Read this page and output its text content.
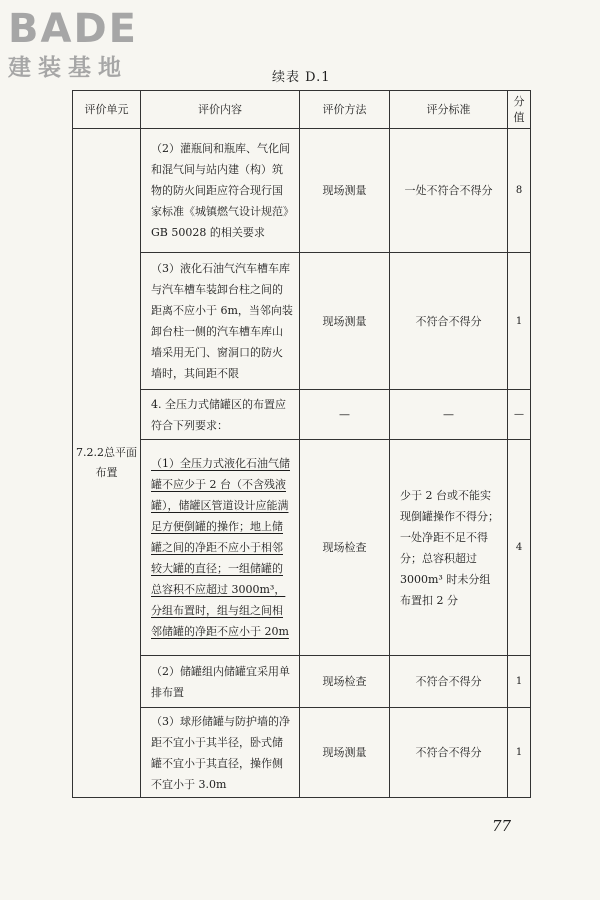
BADE
建装基地	续表 D.1
评价单元	评价内容	评价方法	评分标准	分值
7.2.2总平面布置	（2）灌瓶间和瓶库、气化间和混气间与站内建（构）筑物的防火间距应符合现行国家标准《城镇燃气设计规范》GB 50028 的相关要求	现场测量	一处不符合不得分	8
	（3）液化石油气汽车槽车库与汽车槽车装卸台柱之间的距离不应小于 6m，当邻向装卸台柱一侧的汽车槽车库山墙采用无门、窗洞口的防火墙时，其间距不限	现场测量	不符合不得分	1
	4. 全压力式储罐区的布置应符合下列要求：	—	—	—
	（1）全压力式液化石油气储罐不应少于 2 台（不含残液罐），储罐区管道设计应能满足方便倒罐的操作；地上储罐之间的净距不应小于相邻较大罐的直径；一组储罐的总容积不应超过 3000m³，分组布置时，组与组之间相邻储罐的净距不应小于 20m	现场检查	少于 2 台或不能实现倒罐操作不得分；一处净距不足不得分；总容积超过 3000m³ 时未分组布置扣 2 分	4
	（2）储罐组内储罐宜采用单排布置	现场检查	不符合不得分	1
	（3）球形储罐与防护墙的净距不宜小于其半径，卧式储罐不宜小于其直径，操作侧不宜小于 3.0m	现场测量	不符合不得分	1
77
